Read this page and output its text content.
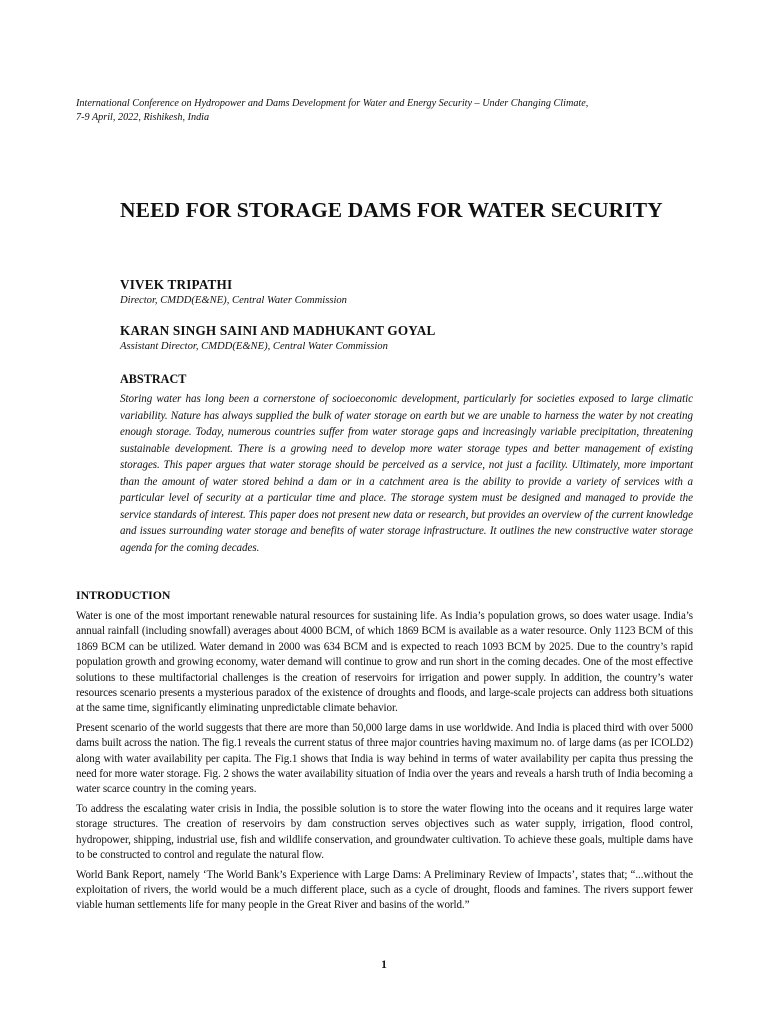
International Conference on Hydropower and Dams Development for Water and Energy Security – Under Changing Climate,
7-9 April, 2022, Rishikesh, India
NEED FOR STORAGE DAMS FOR WATER SECURITY
VIVEK TRIPATHI
Director, CMDD(E&NE), Central Water Commission
KARAN SINGH SAINI AND MADHUKANT GOYAL
Assistant Director, CMDD(E&NE), Central Water Commission
ABSTRACT
Storing water has long been a cornerstone of socioeconomic development, particularly for societies exposed to large climatic variability. Nature has always supplied the bulk of water storage on earth but we are unable to harness the water by not creating enough storage. Today, numerous countries suffer from water storage gaps and increasingly variable precipitation, threatening sustainable development. There is a growing need to develop more water storage types and better management of existing storages. This paper argues that water storage should be perceived as a service, not just a facility. Ultimately, more important than the amount of water stored behind a dam or in a catchment area is the ability to provide a variety of services with a particular level of security at a particular time and place. The storage system must be designed and managed to provide the service standards of interest. This paper does not present new data or research, but provides an overview of the current knowledge and issues surrounding water storage and benefits of water storage infrastructure. It outlines the new constructive water storage agenda for the coming decades.
INTRODUCTION

Water is one of the most important renewable natural resources for sustaining life. As India’s population grows, so does water usage. India’s annual rainfall (including snowfall) averages about 4000 BCM, of which 1869 BCM is available as a water resource. Only 1123 BCM of this 1869 BCM can be utilized. Water demand in 2000 was 634 BCM and is expected to reach 1093 BCM by 2025. Due to the country’s rapid population growth and growing economy, water demand will continue to grow and run short in the coming decades. One of the most effective solutions to these multifactorial challenges is the creation of reservoirs for irrigation and power supply. In addition, the country’s water resources scenario presents a mysterious paradox of the existence of droughts and floods, and large-scale projects can address both situations at the same time, significantly eliminating unpredictable climate behavior.

Present scenario of the world suggests that there are more than 50,000 large dams in use worldwide. And India is placed third with over 5000 dams built across the nation. The fig.1 reveals the current status of three major countries having maximum no. of large dams (as per ICOLD2) along with water availability per capita. The Fig.1 shows that India is way behind in terms of water availability per capita thus pressing the need for more water storage. Fig. 2 shows the water availability situation of India over the years and reveals a harsh truth of India becoming a water scarce country in the coming years.

To address the escalating water crisis in India, the possible solution is to store the water flowing into the oceans and it requires large water storage structures. The creation of reservoirs by dam construction serves objectives such as water supply, irrigation, flood control, hydropower, shipping, industrial use, fish and wildlife conservation, and groundwater cultivation. To achieve these goals, multiple dams have to be constructed to control and regulate the natural flow.

World Bank Report, namely ‘The World Bank’s Experience with Large Dams: A Preliminary Review of Impacts’, states that; “...without the exploitation of rivers, the world would be a much different place, such as a cycle of drought, floods and famines. The rivers support fewer viable human settlements life for many people in the Great River and basins of the world.”

1
